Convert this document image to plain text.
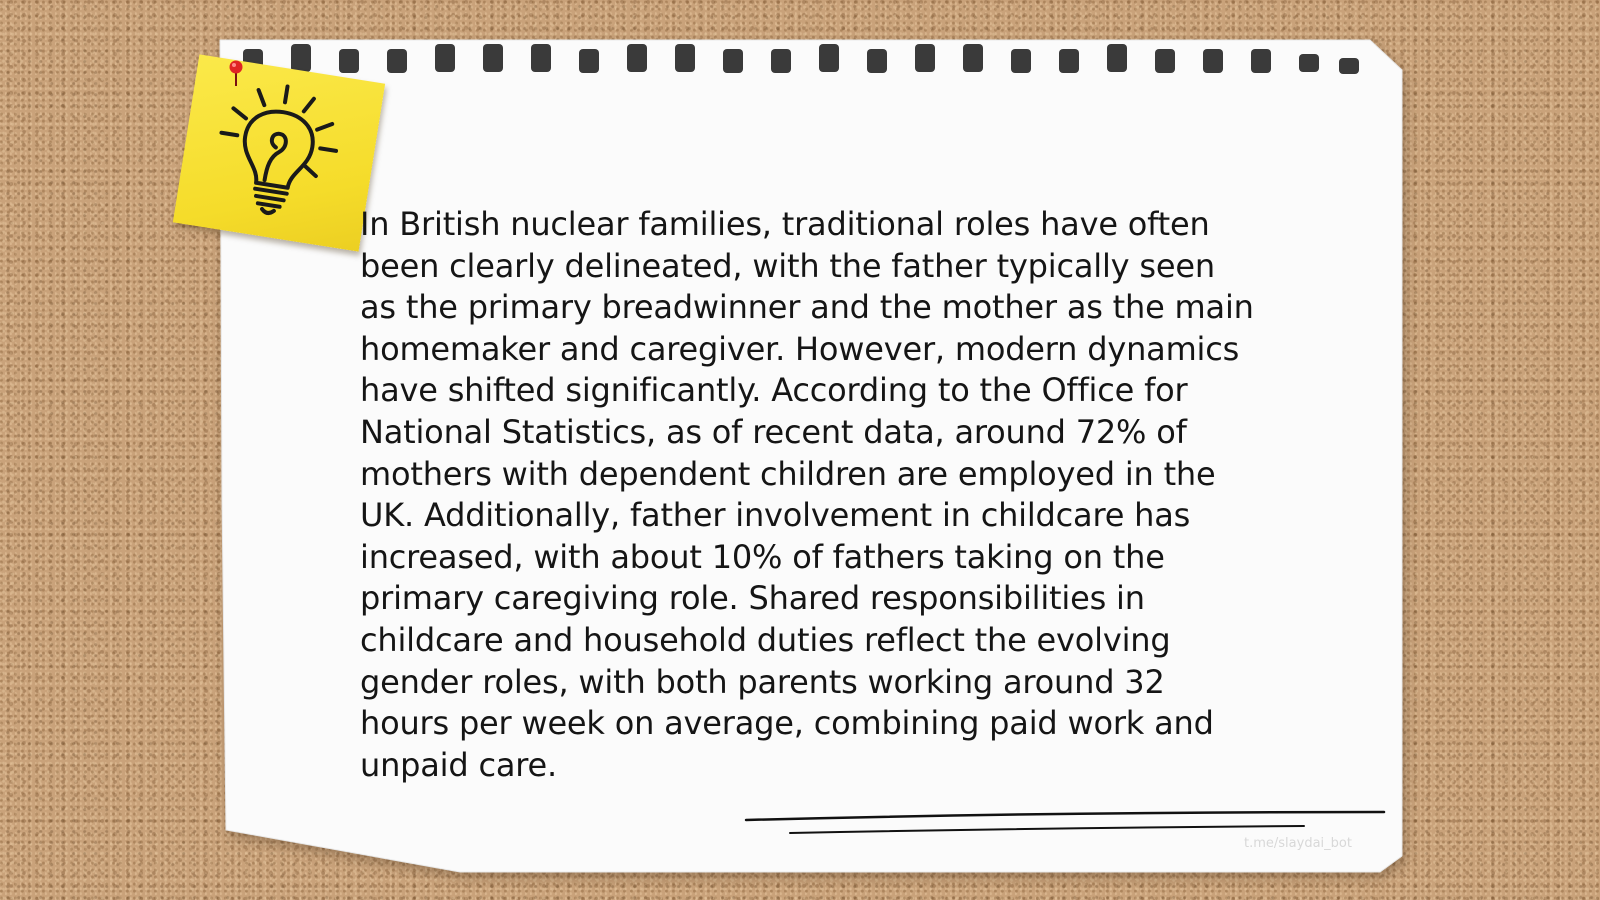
In British nuclear families, traditional roles have often been clearly delineated, with the father typically seen as the primary breadwinner and the mother as the main homemaker and caregiver. However, modern dynamics have shifted significantly. According to the Office for National Statistics, as of recent data, around 72% of mothers with dependent children are employed in the UK. Additionally, father involvement in childcare has increased, with about 10% of fathers taking on the primary caregiving role. Shared responsibilities in childcare and household duties reflect the evolving gender roles, with both parents working around 32 hours per week on average, combining paid work and unpaid care.

t.me/slaydai_bot
